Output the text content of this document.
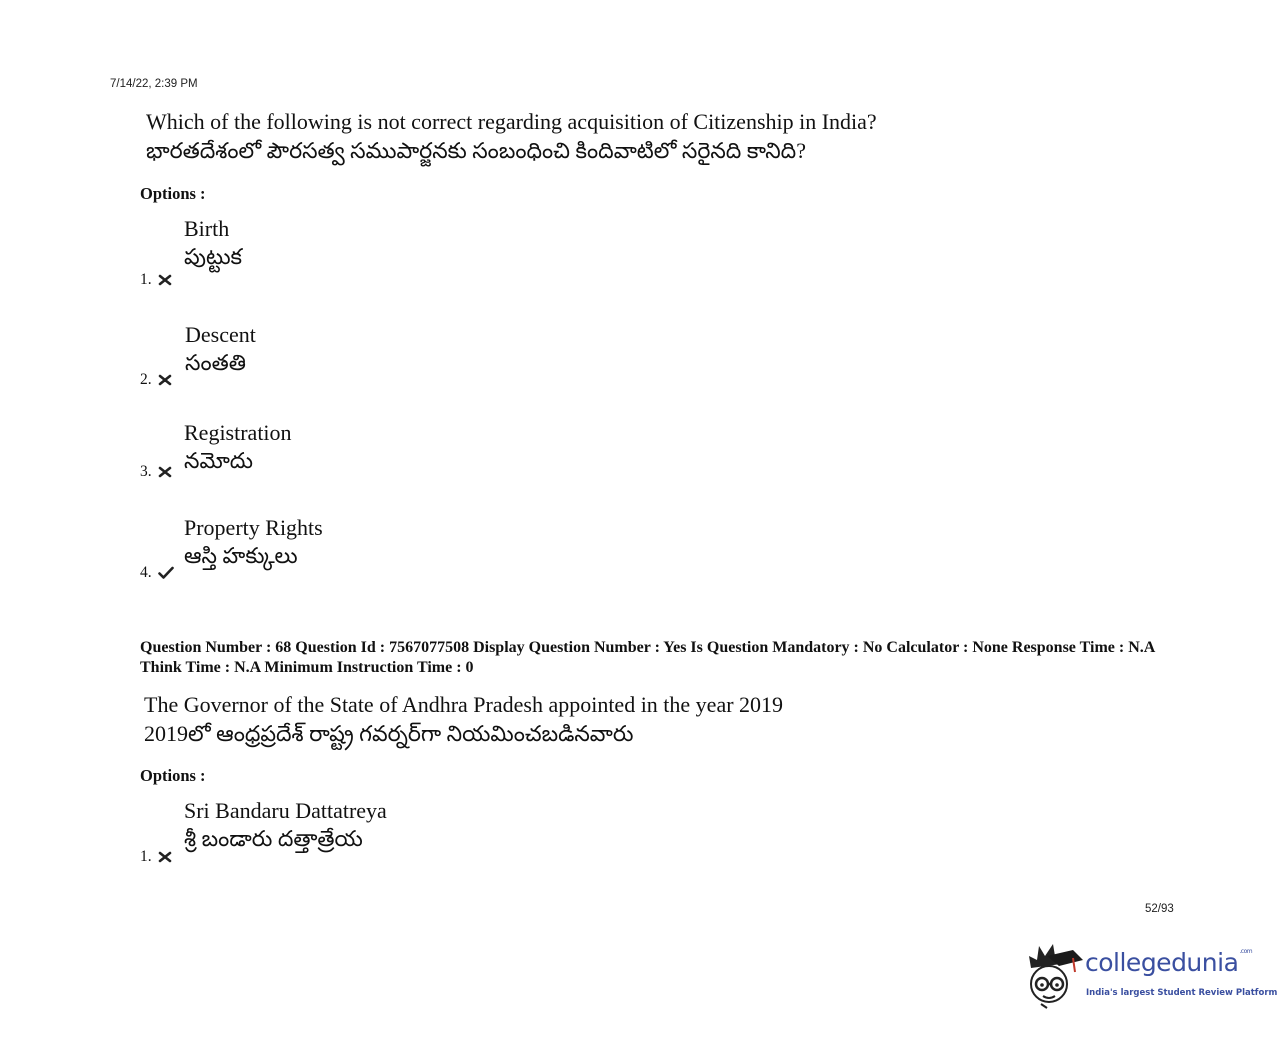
7/14/22, 2:39 PM
Which of the following is not correct regarding acquisition of Citizenship in India?
భారతదేశంలో పౌరసత్వ సముపార్జనకు సంబంధించి కిందివాటిలో సరైనది కానిది?
Options :
Birth
పుట్టుక
1.
Descent
సంతతి
2.
Registration
నమోదు
3.
Property Rights
ఆస్తి హక్కులు
4.
Question Number : 68 Question Id : 7567077508 Display Question Number : Yes Is Question Mandatory : No Calculator : None Response Time : N.A Think Time : N.A Minimum Instruction Time : 0
The Governor of the State of Andhra Pradesh appointed in the year 2019
2019లో ఆంధ్రప్రదేశ్ రాష్ట్ర గవర్నర్‌గా నియమించబడినవారు
Options :
Sri Bandaru Dattatreya
శ్రీ బండారు దత్తాత్రేయ
1.
52/93
collegedunia$^{.com}$
India's largest Student Review Platform
